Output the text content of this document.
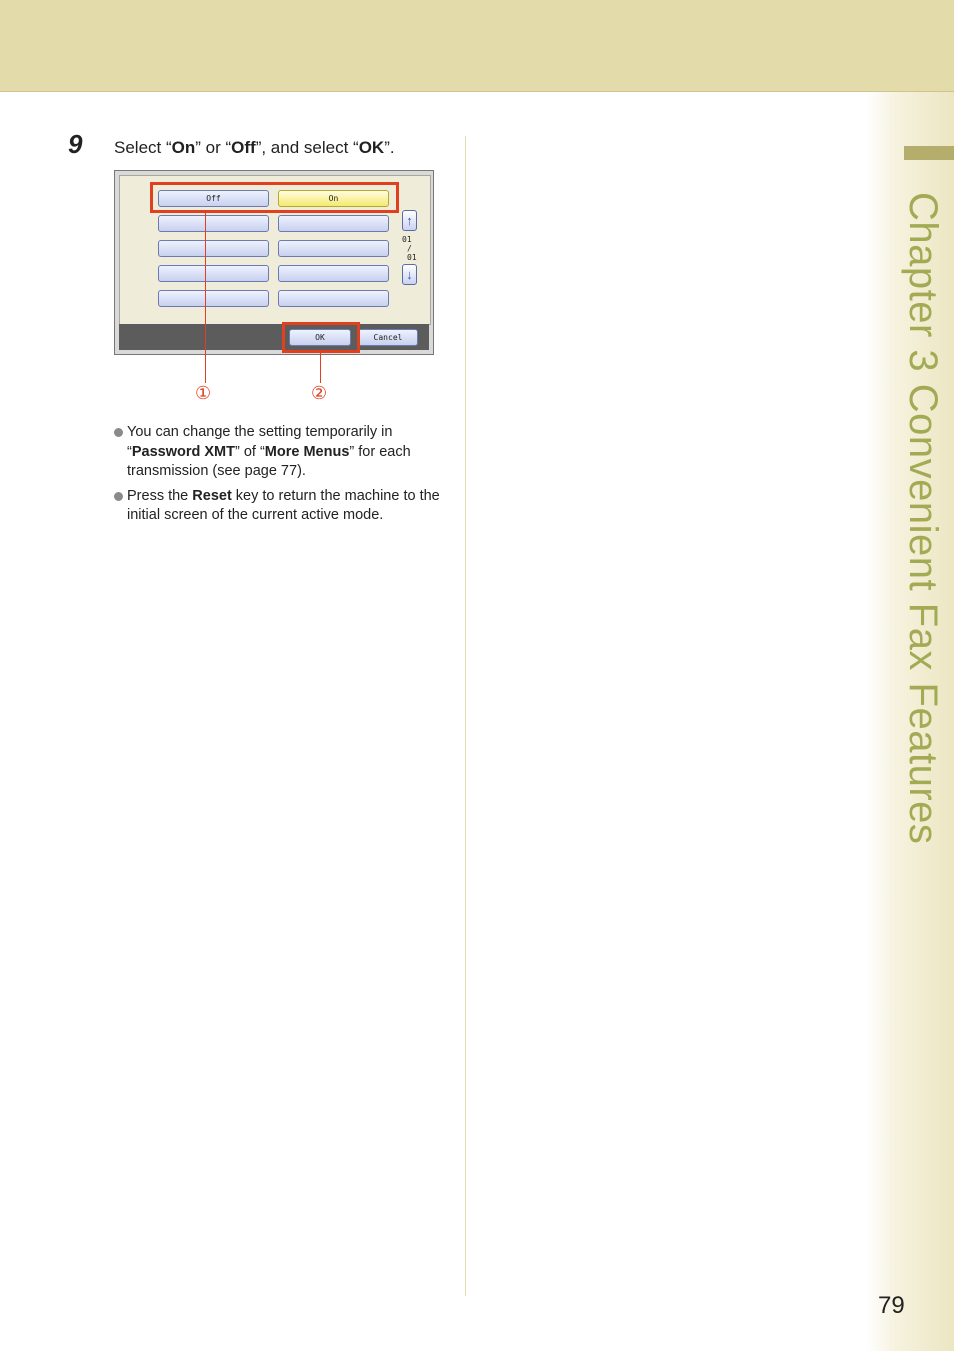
Chapter 3 Convenient Fax Features
9 Select “On” or “Off”, and select “OK”.
Off	On
↑
01
/
01
↓
OK	Cancel
①	②
You can change the setting temporarily in “Password XMT” of “More Menus” for each transmission (see page 77).
Press the Reset key to return the machine to the initial screen of the current active mode.
79
